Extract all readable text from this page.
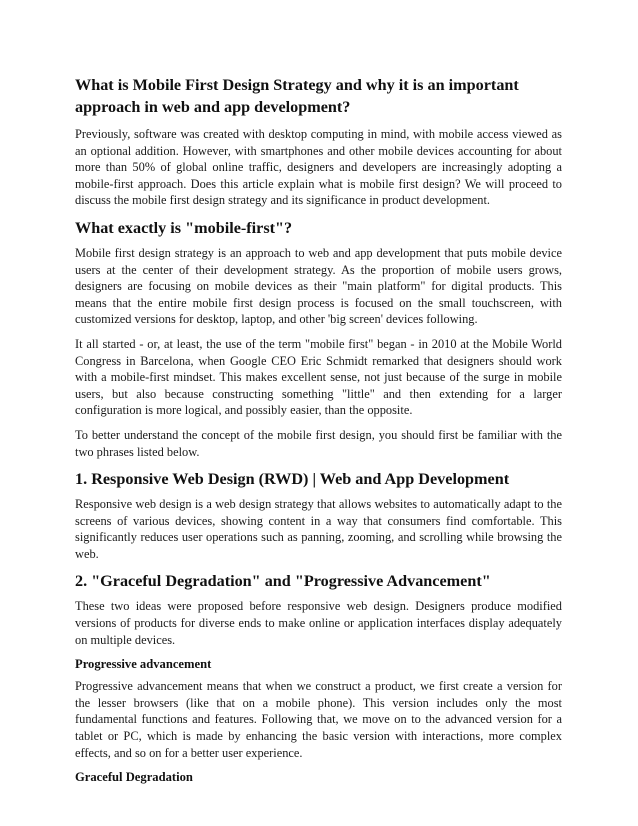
What is Mobile First Design Strategy and why it is an important approach in web and app development?

Previously, software was created with desktop computing in mind, with mobile access viewed as an optional addition. However, with smartphones and other mobile devices accounting for about more than 50% of global online traffic, designers and developers are increasingly adopting a mobile-first approach. Does this article explain what is mobile first design? We will proceed to discuss the mobile first design strategy and its significance in product development.

What exactly is "mobile-first"?

Mobile first design strategy is an approach to web and app development that puts mobile device users at the center of their development strategy. As the proportion of mobile users grows, designers are focusing on mobile devices as their "main platform" for digital products. This means that the entire mobile first design process is focused on the small touchscreen, with customized versions for desktop, laptop, and other 'big screen' devices following.

It all started - or, at least, the use of the term "mobile first" began - in 2010 at the Mobile World Congress in Barcelona, when Google CEO Eric Schmidt remarked that designers should work with a mobile-first mindset. This makes excellent sense, not just because of the surge in mobile users, but also because constructing something "little" and then extending for a larger configuration is more logical, and possibly easier, than the opposite.

To better understand the concept of the mobile first design, you should first be familiar with the two phrases listed below.

1. Responsive Web Design (RWD) | Web and App Development

Responsive web design is a web design strategy that allows websites to automatically adapt to the screens of various devices, showing content in a way that consumers find comfortable. This significantly reduces user operations such as panning, zooming, and scrolling while browsing the web.

2. "Graceful Degradation" and "Progressive Advancement"

These two ideas were proposed before responsive web design. Designers produce modified versions of products for diverse ends to make online or application interfaces display adequately on multiple devices.

Progressive advancement

Progressive advancement means that when we construct a product, we first create a version for the lesser browsers (like that on a mobile phone). This version includes only the most fundamental functions and features. Following that, we move on to the advanced version for a tablet or PC, which is made by enhancing the basic version with interactions, more complex effects, and so on for a better user experience.

Graceful Degradation
